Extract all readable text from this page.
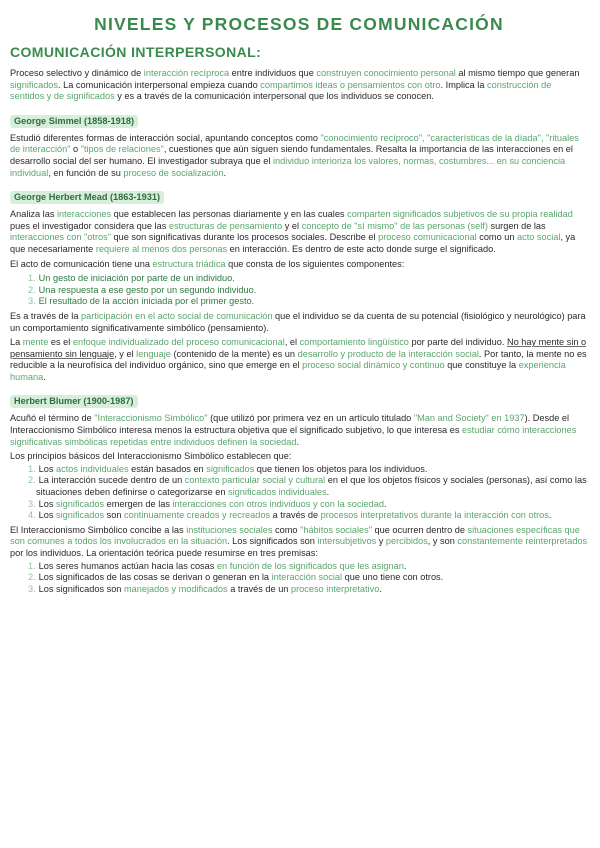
NIVELES Y PROCESOS DE COMUNICACIÓN
COMUNICACIÓN INTERPERSONAL:

Proceso selectivo y dinámico de interacción recíproca entre individuos que construyen conocimiento personal al mismo tiempo que generan significados. La comunicación interpersonal empieza cuando compartimos ideas o pensamientos con otro. Implica la construcción de sentidos y de significados y es a través de la comunicación interpersonal que los individuos se conocen.

George Simmel (1858-1918)

Estudió diferentes formas de interacción social, apuntando conceptos como "conocimiento recíproco", "características de la díada", "rituales de interacción" o "tipos de relaciones", cuestiones que aún siguen siendo fundamentales. Resalta la importancia de las interacciones en el desarrollo social del ser humano. El investigador subraya que el individuo interioriza los valores, normas, costumbres... en su conciencia individual, en función de su proceso de socialización.

George Herbert Mead (1863-1931)

Analiza las interacciones que establecen las personas diariamente y en las cuales comparten significados subjetivos de su propia realidad pues el investigador considera que las estructuras de pensamiento y el concepto de "sí mismo" de las personas (self) surgen de las interacciones con "otros" que son significativas durante los procesos sociales. Describe el proceso comunicacional como un acto social, ya que necesariamente requiere al menos dos personas en interacción. Es dentro de este acto donde surge el significado.

El acto de comunicación tiene una estructura triádica que consta de los siguientes componentes:

1. Un gesto de iniciación por parte de un individuo.
2. Una respuesta a ese gesto por un segundo individuo.
3. El resultado de la acción iniciada por el primer gesto.

Es a través de la participación en el acto social de comunicación que el individuo se da cuenta de su potencial (fisiológico y neurológico) para un comportamiento significativamente simbólico (pensamiento).

La mente es el enfoque individualizado del proceso comunicacional, el comportamiento lingüístico por parte del individuo. No hay mente sin o pensamiento sin lenguaje, y el lenguaje (contenido de la mente) es un desarrollo y producto de la interacción social. Por tanto, la mente no es reducible a la neurofísica del individuo orgánico, sino que emerge en el proceso social dinámico y continuo que constituye la experiencia humana.

Herbert Blumer (1900-1987)

Acuñó el término de "Interaccionismo Simbólico" (que utilizó por primera vez en un artículo titulado "Man and Society" en 1937). Desde el Interaccionismo Simbólico interesa menos la estructura objetiva que el significado subjetivo, lo que interesa es estudiar cómo interacciones significativas simbólicas repetidas entre individuos definen la sociedad.

Los principios básicos del Interaccionismo Simbólico establecen que:

1. Los actos individuales están basados en significados que tienen los objetos para los individuos.
2. La interacción sucede dentro de un contexto particular social y cultural en el que los objetos físicos y sociales (personas), así como las situaciones deben definirse o categorizarse en significados individuales.
3. Los significados emergen de las interacciones con otros individuos y con la sociedad.
4. Los significados son continuamente creados y recreados a través de procesos interpretativos durante la interacción con otros.

El Interaccionismo Simbólico concibe a las instituciones sociales como "hábitos sociales" que ocurren dentro de situaciones específicas que son comunes a todos los involucrados en la situación. Los significados son intersubjetivos y percibidos, y son constantemente reinterpretados por los individuos. La orientación teórica puede resumirse en tres premisas:

1. Los seres humanos actúan hacia las cosas en función de los significados que les asignan.
2. Los significados de las cosas se derivan o generan en la interacción social que uno tiene con otros.
3. Los significados son manejados y modificados a través de un proceso interpretativo.
